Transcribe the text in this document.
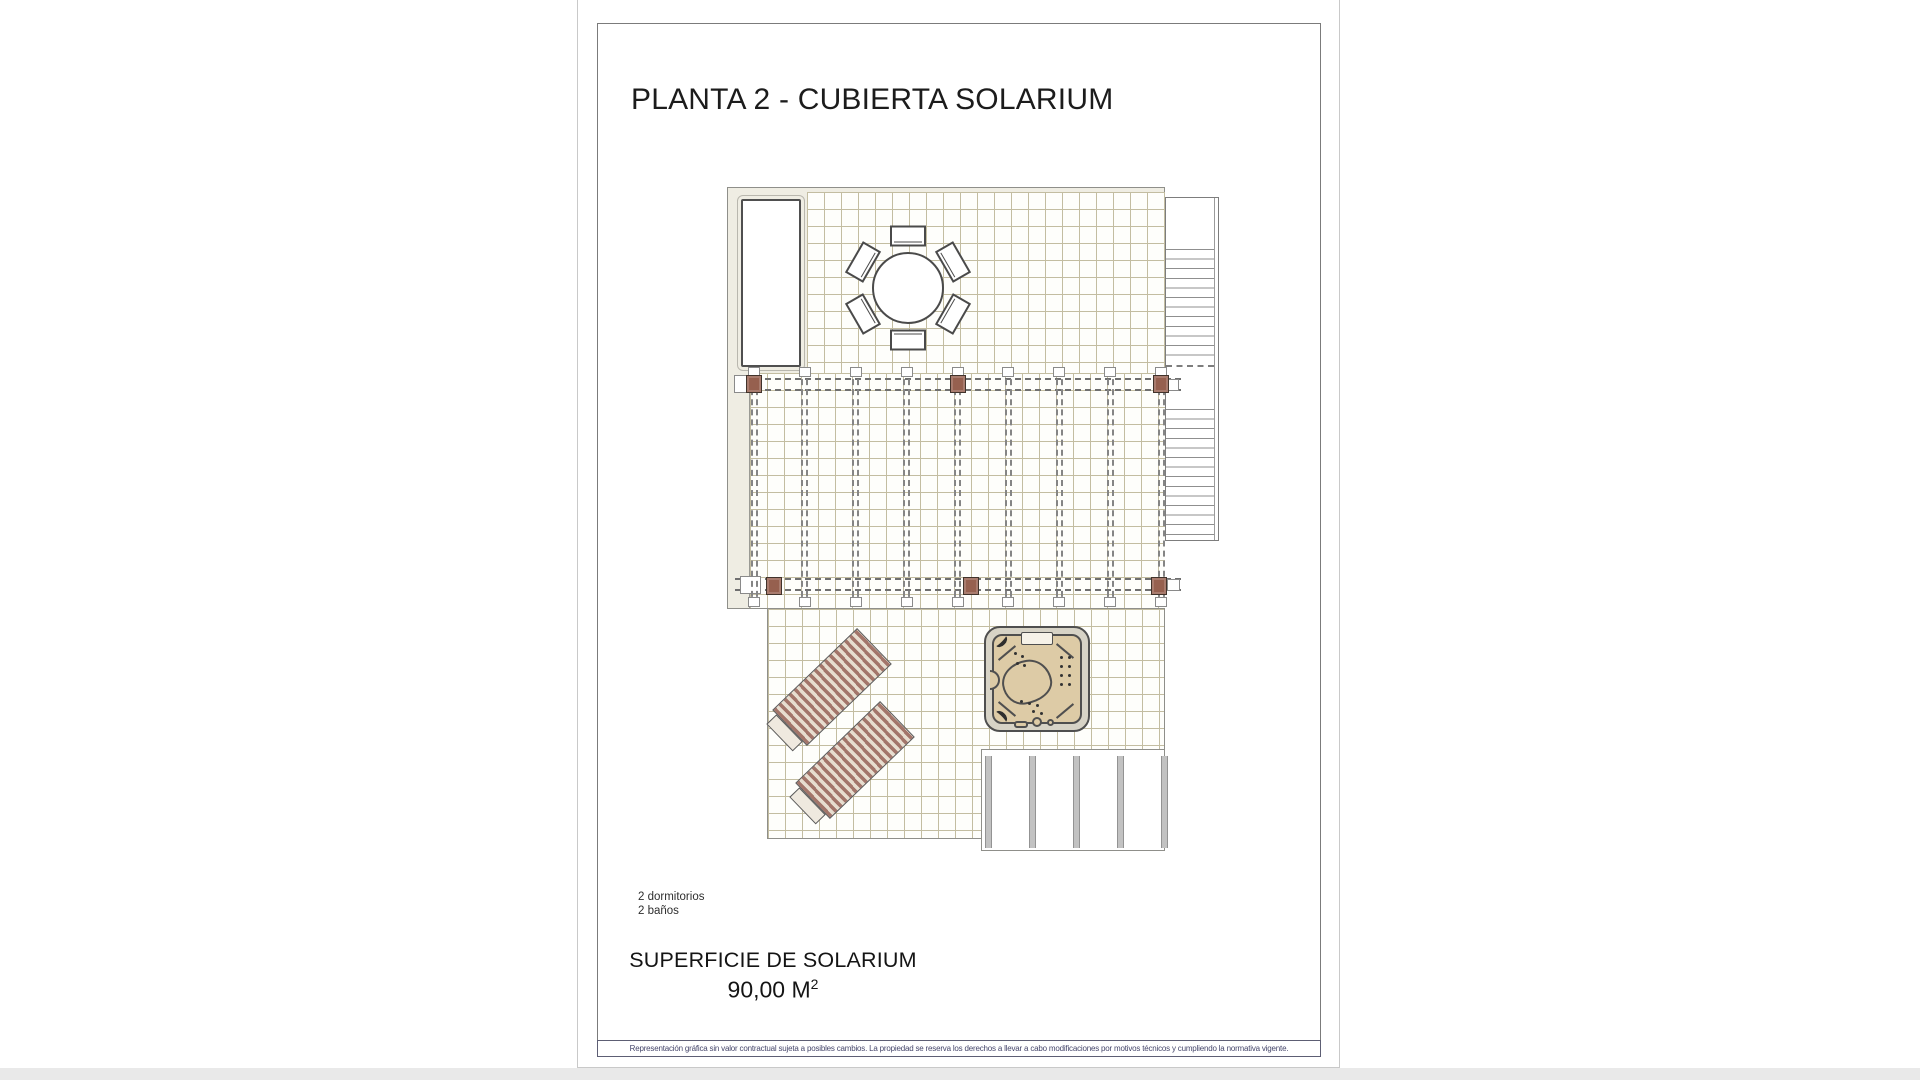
PLANTA 2 - CUBIERTA SOLARIUM
2 dormitorios
2 baños
SUPERFICIE DE SOLARIUM
90,00 $M^2$
Representación gráfica sin valor contractual sujeta a posibles cambios. La propiedad se reserva los derechos a llevar a cabo modificaciones por motivos técnicos y cumpliendo la normativa vigente.
